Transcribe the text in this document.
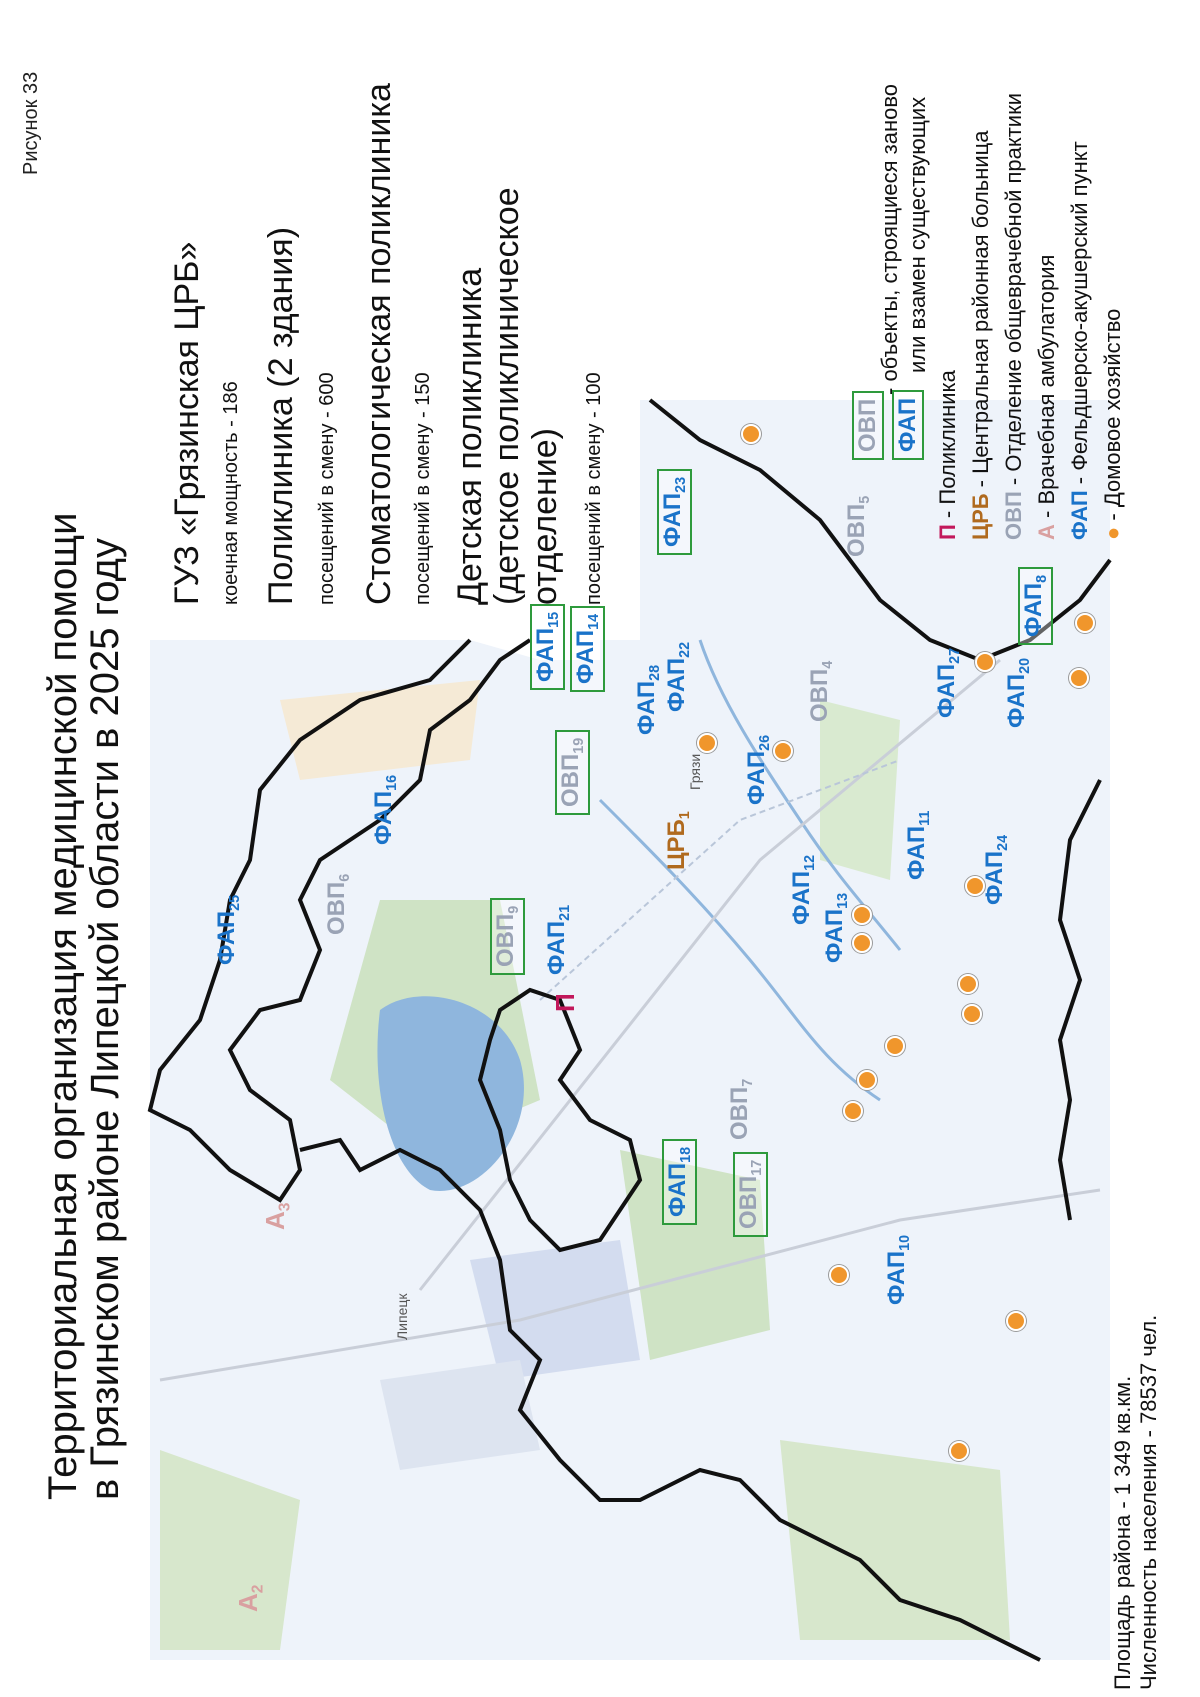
$ФАП_{25}$
$ФАП_{16}$
$ФАП_{21}$
$ФАП_{15}$
$ФАП_{14}$
$ФАП_{28}$ $ФАП_{22}$
$ФАП_{23}$
$ФАП_{26}$
$ФАП_{12}$
$ФАП_{13}$
$ФАП_{11}$
$ФАП_{24}$
$ФАП_{27}$
$ФАП_{20}$
$ФАП_8$
$ФАП_{18}$
$ФАП_{10}$
$ОВП_6$
$ОВП_9$
$ОВП_{19}$
$ОВП_4$
$ОВП_5$
$ОВП_7$
$ОВП_{17}$
$ЦРБ_1$
П
$А_3$
$А_2$
Липецк
Грязи
Рисунок 33
Территориальная организация медицинской помощи
в Грязинском районе Липецкой области в 2025 году
ГУЗ «Грязинская ЦРБ» коечная мощность - 186 Поликлиника (2 здания) посещений в смену - 600 Стоматологическая поликлиника посещений в смену - 150 Детская поликлиника (детское поликлиническое отделение) посещений в смену - 100	ОВП ФАП
- объекты, строящиеся заново или взамен существующих
П - Поликлиника ЦРБ - Центральная районная больница
ОВП - Отделение общеврачебной практики
А - Врачебная амбулатория ФАП - Фельдшерско-акушерский пункт
● - Домовое хозяйство
Площадь района - 1 349 кв.км. Численность населения - 78537 чел.
